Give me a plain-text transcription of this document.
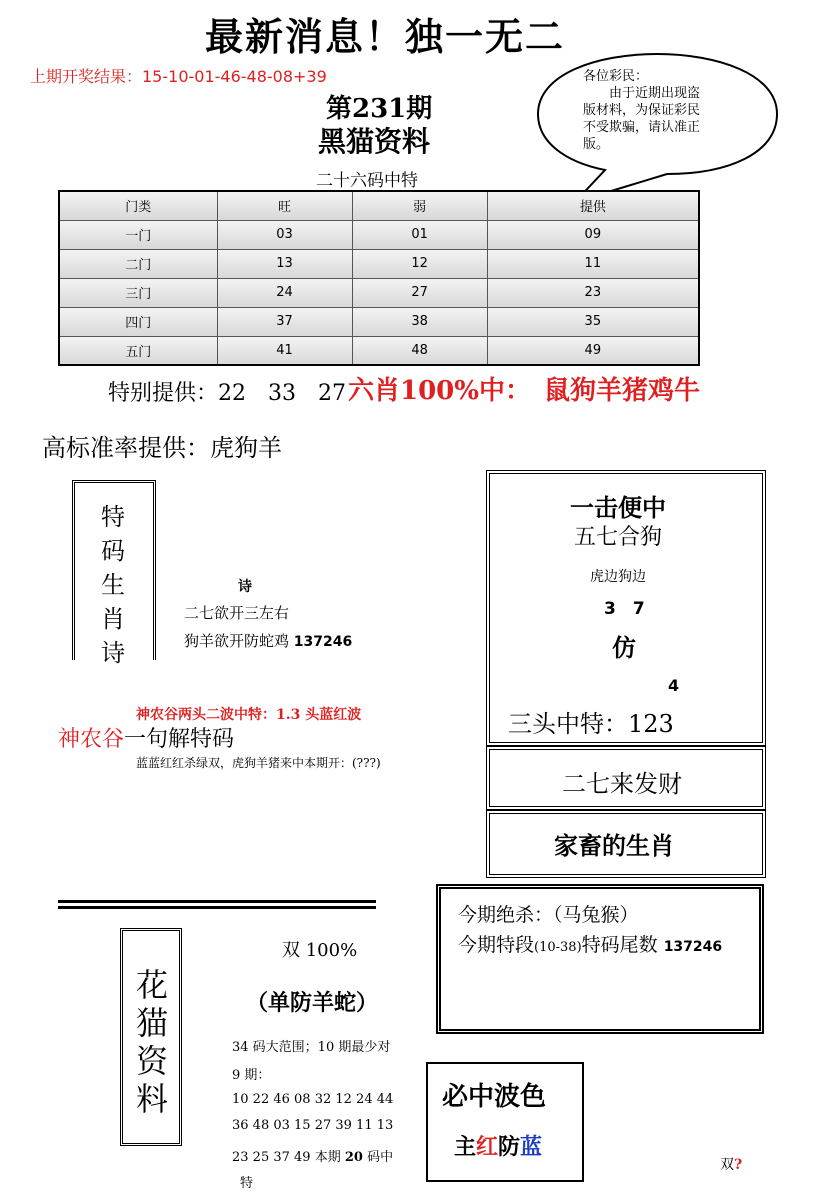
最新消息！独一无二
上期开奖结果：15-10-01-46-48-08+39
第231期
黑猫资料
二十六码中特
各位彩民：
　　由于近期出现盗
版材料，为保证彩民
不受欺骗，请认准正
版。
门类	旺	弱	提供
一门	03	01	09
二门	13	12	11
三门	24	27	23
四门	37	38	35
五门	41	48	49
特别提供：22　33　27 六肖100%中：　鼠狗羊猪鸡牛
高标准率提供：虎狗羊
特
码
生
肖
诗
诗
二七欲开三左右
狗羊欲开防蛇鸡 137246
神农谷两头二波中特：1.3 头蓝红波
神农谷一句解特码
蓝蓝红红杀绿双，虎狗羊猪来中本期开：(???)
一击便中
五七合狗
虎边狗边
3　7
仿
4
三头中特：123
二七来发财
家畜的生肖
今期绝杀：（马兔猴）
今期特段(10-38)特码尾数 137246
花
猫
资
料
双 100%
（单防羊蛇）
34 码大范围；10 期最少对
9 期：
10 22 46 08 32 12 24 44
36 48 03 15 27 39 11 13
23 25 37 49 本期 20 码中
特
必中波色
主红防蓝
双?
